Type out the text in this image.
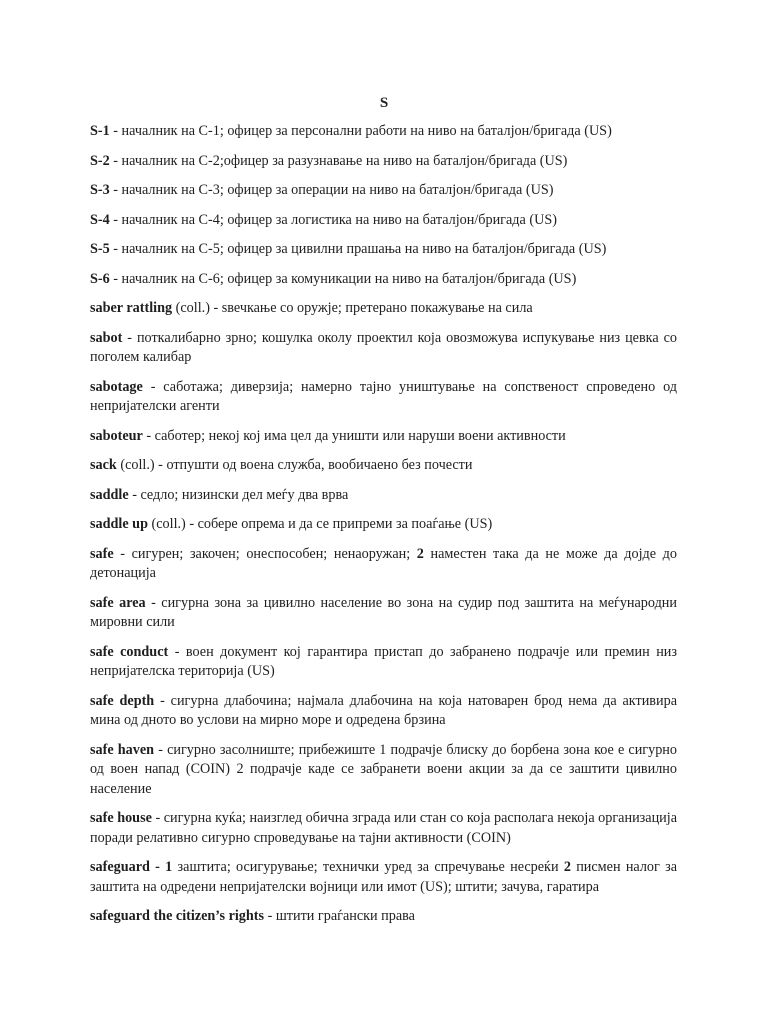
S

S-1 - началник на С-1; офицер за персонални работи на ниво на баталјон/бригада (US)

S-2 - началник на С-2;офицер за разузнавање на ниво на баталјон/бригада (US)

S-3 - началник на С-3; офицер за операции на ниво на баталјон/бригада (US)

S-4 - началник на С-4; офицер за логистика на ниво на баталјон/бригада (US)

S-5 - началник на С-5; офицер за цивилни прашања на ниво на баталјон/бригада (US)

S-6 - началник на С-6; офицер за комуникации на ниво на баталјон/бригада (US)

saber rattling (coll.) - sвечкање со оружје; претерано покажување на сила

sabot - поткалибарно зрно; кошулка околу проектил која овозможува испукување низ цевка со поголем калибар

sabotage - саботажа; диверзија; намерно тајно уништување на сопственост спроведено од непријателски агенти

saboteur - саботер; некој кој има цел да уништи или наруши воени активности

sack (coll.) - отпушти од воена служба, вообичаено без почести

saddle - седло; низински дел меѓу два врва

saddle up (coll.) - собере опрема и да се припреми за поаѓање (US)

safe - сигурен; закочен; онеспособен; ненаоружан; 2 наместен така да не може да дојде до детонација

safe area - сигурна зона за цивилно население во зона на судир под заштита на меѓународни мировни сили

safe conduct - воен документ кој гарантира пристап до забранено подрачје или премин низ непријателска територија (US)

safe depth - сигурна длабочина; најмала длабочина на која натоварен брод нема да активира мина од дното во услови на мирно море и одредена брзина

safe haven - сигурно засолниште; прибежиште 1 подрачје блиску до борбена зона кое е сигурно од воен напад (COIN) 2 подрачје каде се забранети воени акции за да се заштити цивилно население

safe house - сигурна куќа; наизглед обична зграда или стан со која располага некоја организација поради релативно сигурно спроведување на тајни активности (COIN)

safeguard - 1 заштита; осигурување; технички уред за спречување несреќи 2 писмен налог за заштита на одредени непријателски војници или имот (US); штити; зачува, гаратира

safeguard the citizen’s rights - штити граѓански права
